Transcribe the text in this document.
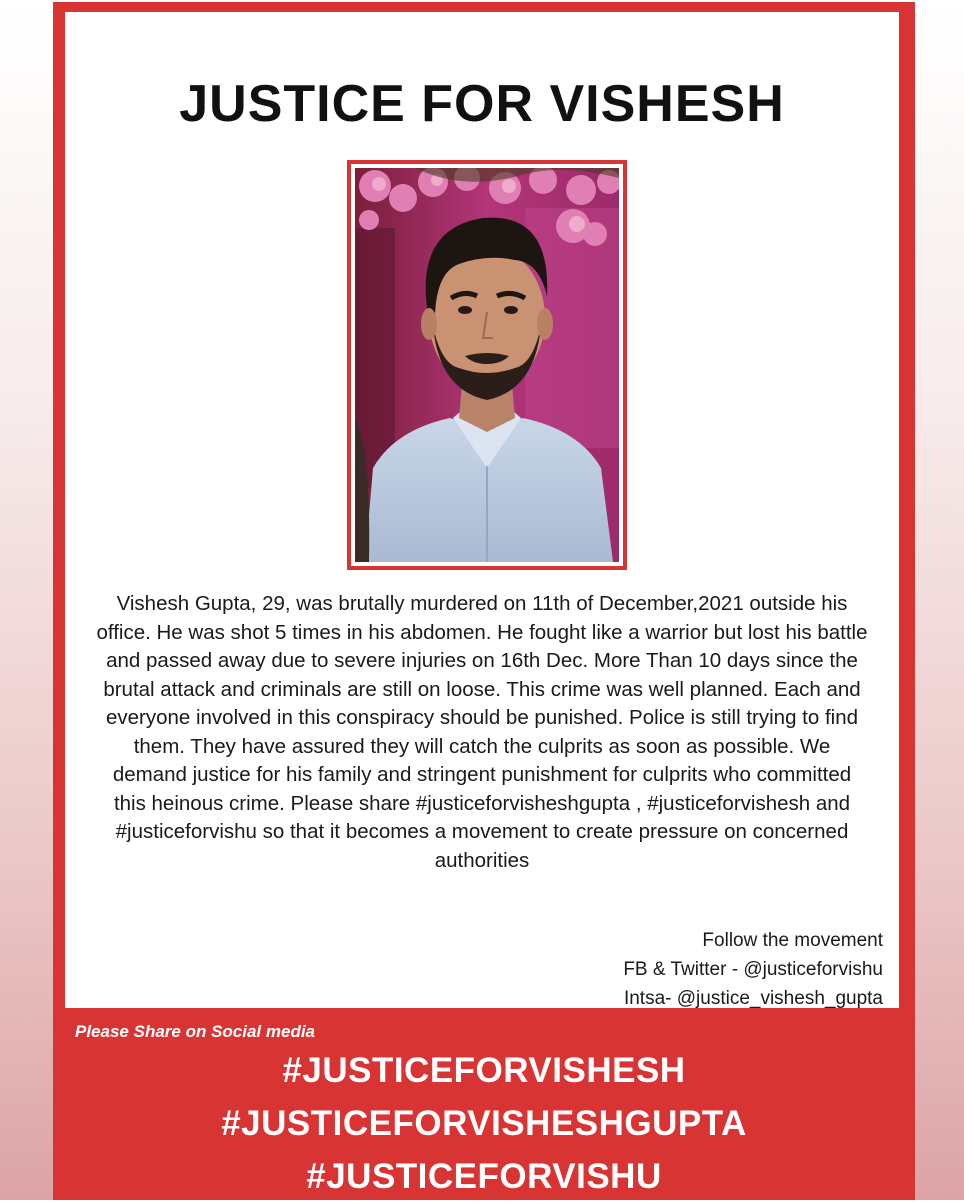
JUSTICE FOR VISHESH

Vishesh Gupta, 29, was brutally murdered on 11th of December,2021 outside his office. He was shot 5 times in his abdomen. He fought like a warrior but lost his battle and passed away due to severe injuries on 16th Dec. More Than 10 days since the brutal attack and criminals are still on loose. This crime was well planned. Each and everyone involved in this conspiracy should be punished. Police is still trying to find them. They have assured they will catch the culprits as soon as possible. We demand justice for his family and stringent punishment for culprits who committed this heinous crime. Please share #justiceforvisheshgupta , #justiceforvishesh and #justiceforvishu so that it becomes a movement to create pressure on concerned authorities

Follow the movement
FB & Twitter - @justiceforvishu
Intsa- @justice_vishesh_gupta
Please Share on Social media
#JUSTICEFORVISHESH
#JUSTICEFORVISHESHGUPTA
#JUSTICEFORVISHU
